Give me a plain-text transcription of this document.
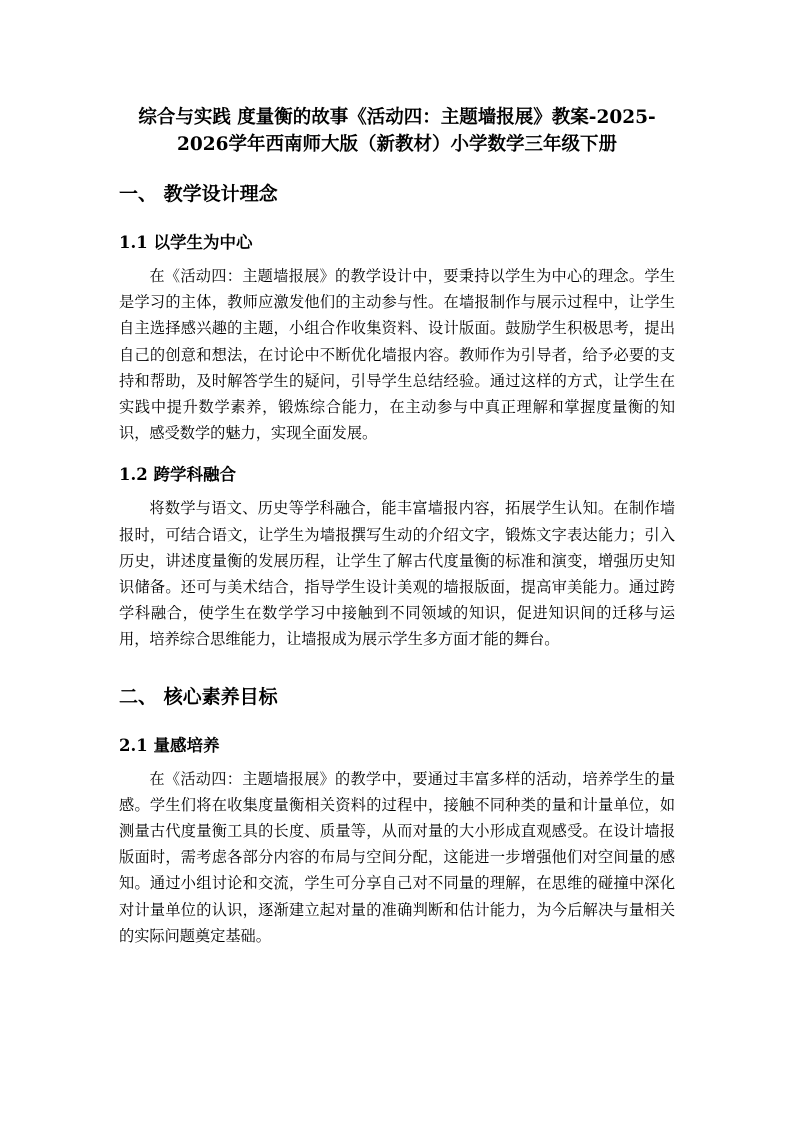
综合与实践 度量衡的故事《活动四：主题墙报展》教案-2025-2026学年西南师大版（新教材）小学数学三年级下册
一、 教学设计理念
1.1 以学生为中心

在《活动四：主题墙报展》的教学设计中，要秉持以学生为中心的理念。学生是学习的主体，教师应激发他们的主动参与性。在墙报制作与展示过程中，让学生自主选择感兴趣的主题，小组合作收集资料、设计版面。鼓励学生积极思考，提出自己的创意和想法，在讨论中不断优化墙报内容。教师作为引导者，给予必要的支持和帮助，及时解答学生的疑问，引导学生总结经验。通过这样的方式，让学生在实践中提升数学素养，锻炼综合能力，在主动参与中真正理解和掌握度量衡的知识，感受数学的魅力，实现全面发展。

1.2 跨学科融合

将数学与语文、历史等学科融合，能丰富墙报内容，拓展学生认知。在制作墙报时，可结合语文，让学生为墙报撰写生动的介绍文字，锻炼文字表达能力；引入历史，讲述度量衡的发展历程，让学生了解古代度量衡的标准和演变，增强历史知识储备。还可与美术结合，指导学生设计美观的墙报版面，提高审美能力。通过跨学科融合，使学生在数学学习中接触到不同领域的知识，促进知识间的迁移与运用，培养综合思维能力，让墙报成为展示学生多方面才能的舞台。

二、 核心素养目标
2.1 量感培养

在《活动四：主题墙报展》的教学中，要通过丰富多样的活动，培养学生的量感。学生们将在收集度量衡相关资料的过程中，接触不同种类的量和计量单位，如测量古代度量衡工具的长度、质量等，从而对量的大小形成直观感受。在设计墙报版面时，需考虑各部分内容的布局与空间分配，这能进一步增强他们对空间量的感知。通过小组讨论和交流，学生可分享自己对不同量的理解，在思维的碰撞中深化对计量单位的认识，逐渐建立起对量的准确判断和估计能力，为今后解决与量相关的实际问题奠定基础。
